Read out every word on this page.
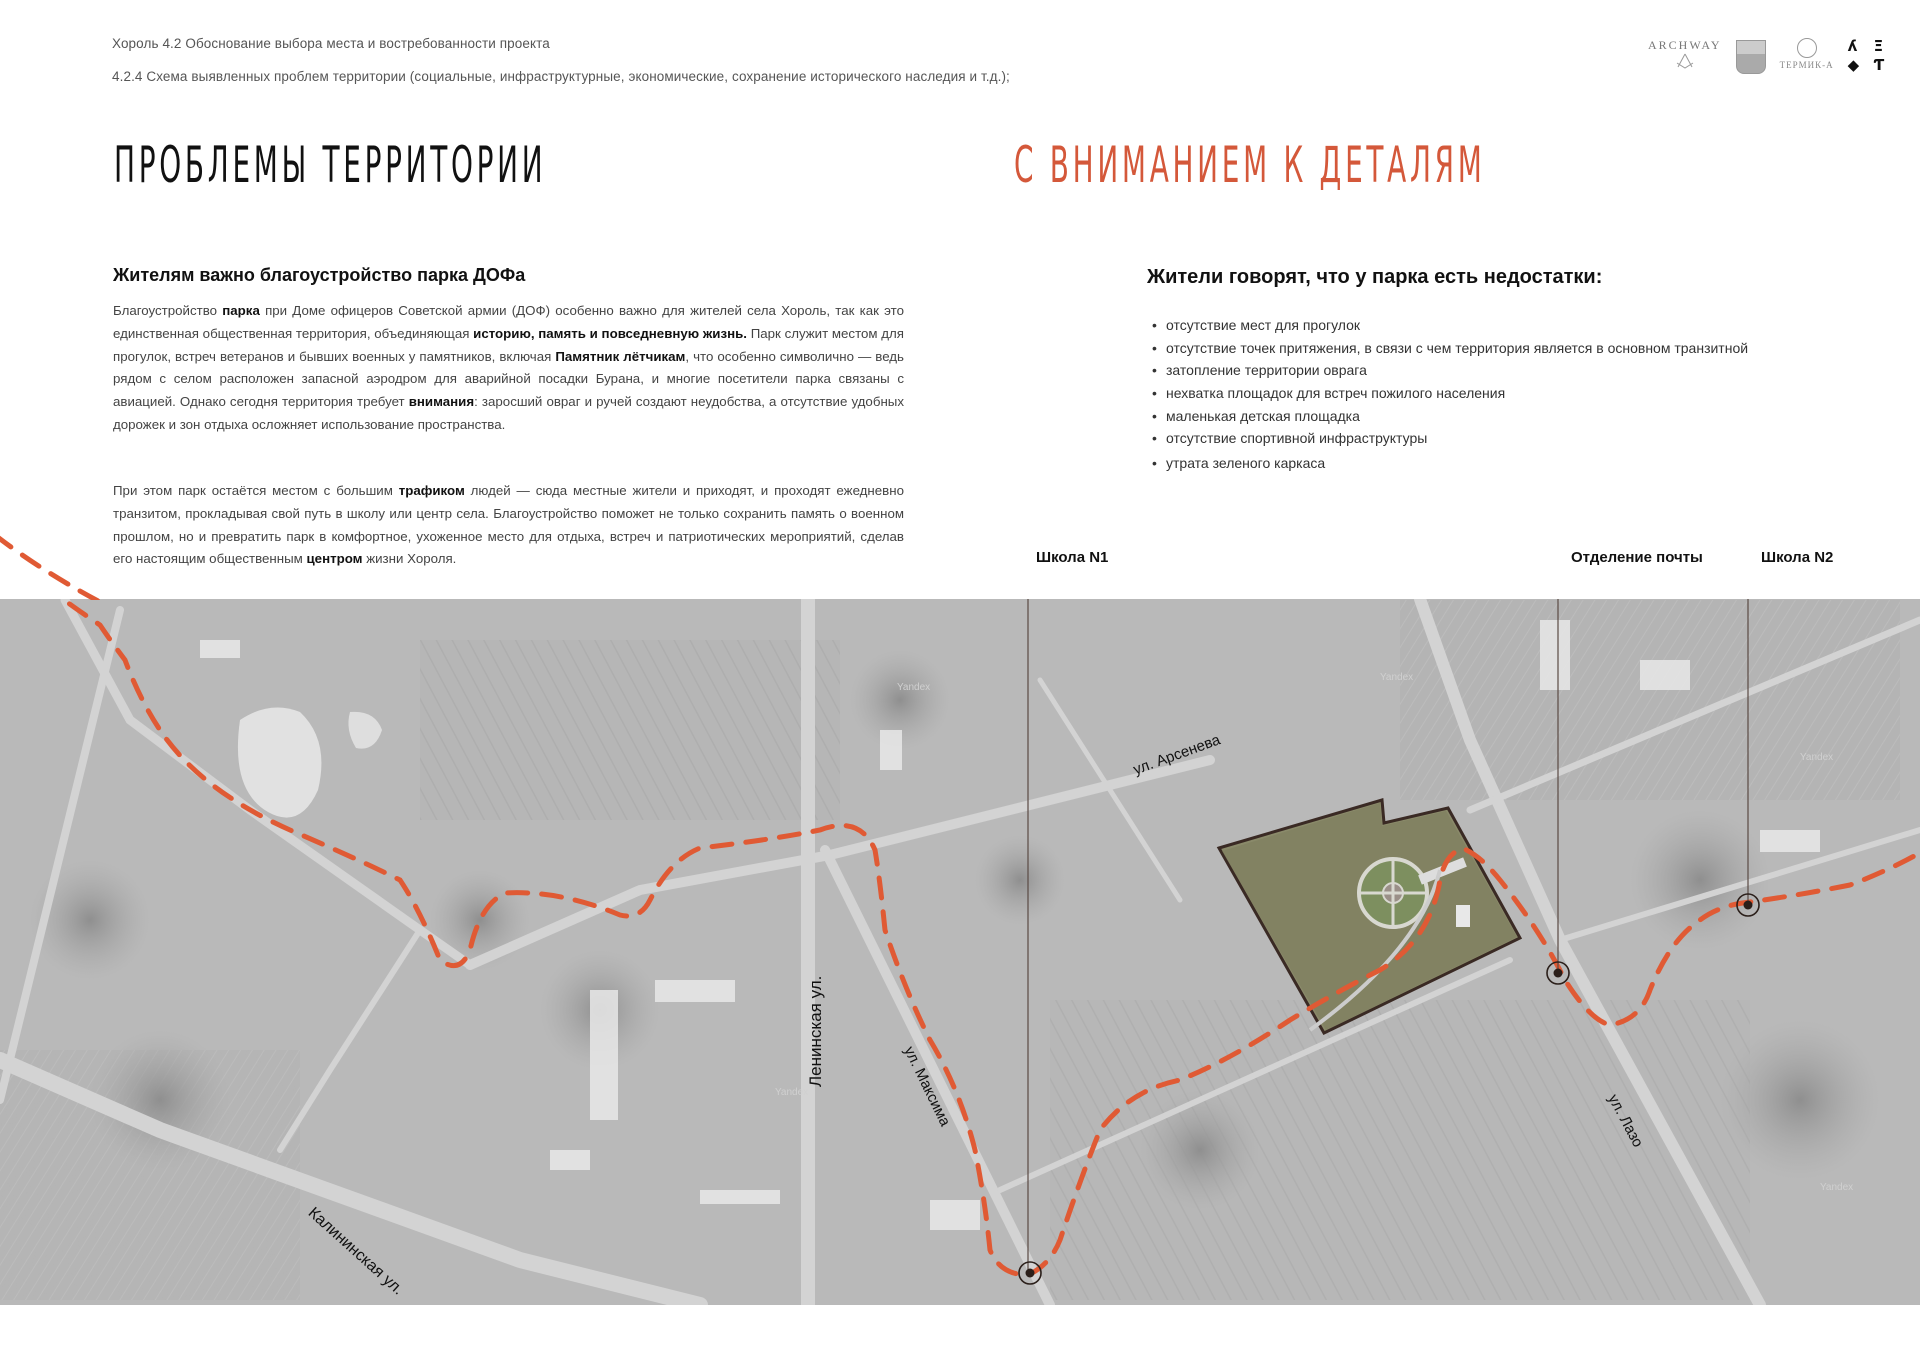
Хороль 4.2 Обоснование выбора места и востребованности проекта
4.2.4 Схема выявленных проблем территории (социальные, инфраструктурные, экономические, сохранение исторического наследия и т.д.);
ARCHWAY
ТЕРМИК-А
ʎ	Ξ
◆ Ƭ
ПРОБЛЕМЫ ТЕРРИТОРИИ	С ВНИМАНИЕМ К ДЕТАЛЯМ
Жителям важно благоустройство парка ДОФа
Благоустройство парка при Доме офицеров Советской армии (ДОФ) особенно важно для жителей села Хороль, так как это единственная общественная территория, объединяющая историю, память и повседневную жизнь. Парк служит местом для прогулок, встреч ветеранов и бывших военных у памятников, включая Памятник лётчикам, что особенно символично — ведь рядом с селом расположен запасной аэродром для аварийной посадки Бурана, и многие посетители парка связаны с авиацией. Однако сегодня территория требует внимания: заросший овраг и ручей создают неудобства, а отсутствие удобных дорожек и зон отдыха осложняет использование пространства.
При этом парк остаётся местом с большим трафиком людей — сюда местные жители и приходят, и проходят ежедневно транзитом, прокладывая свой путь в школу или центр села. Благоустройство поможет не только сохранить память о военном прошлом, но и превратить парк в комфортное, ухоженное место для отдыха, встреч и патриотических мероприятий, сделав его настоящим общественным центром жизни Хороля.
Жители говорят, что у парка есть недостатки:
• отсутствие мест для прогулок
• отсутствие точек притяжения, в связи с чем территория является в основном транзитной
• затопление территории оврага
• нехватка площадок для встреч пожилого населения
• маленькая детская площадка
• отсутствие спортивной инфраструктуры
• утрата зеленого каркаса
Yandex
Yandex
Yandex
Yandex
Yandex
ул. Арсенева
Ленинская ул.	ул. Максима
Калининская ул.
ул. Лазо
Школа N1	Отделение почты	Школа N2
